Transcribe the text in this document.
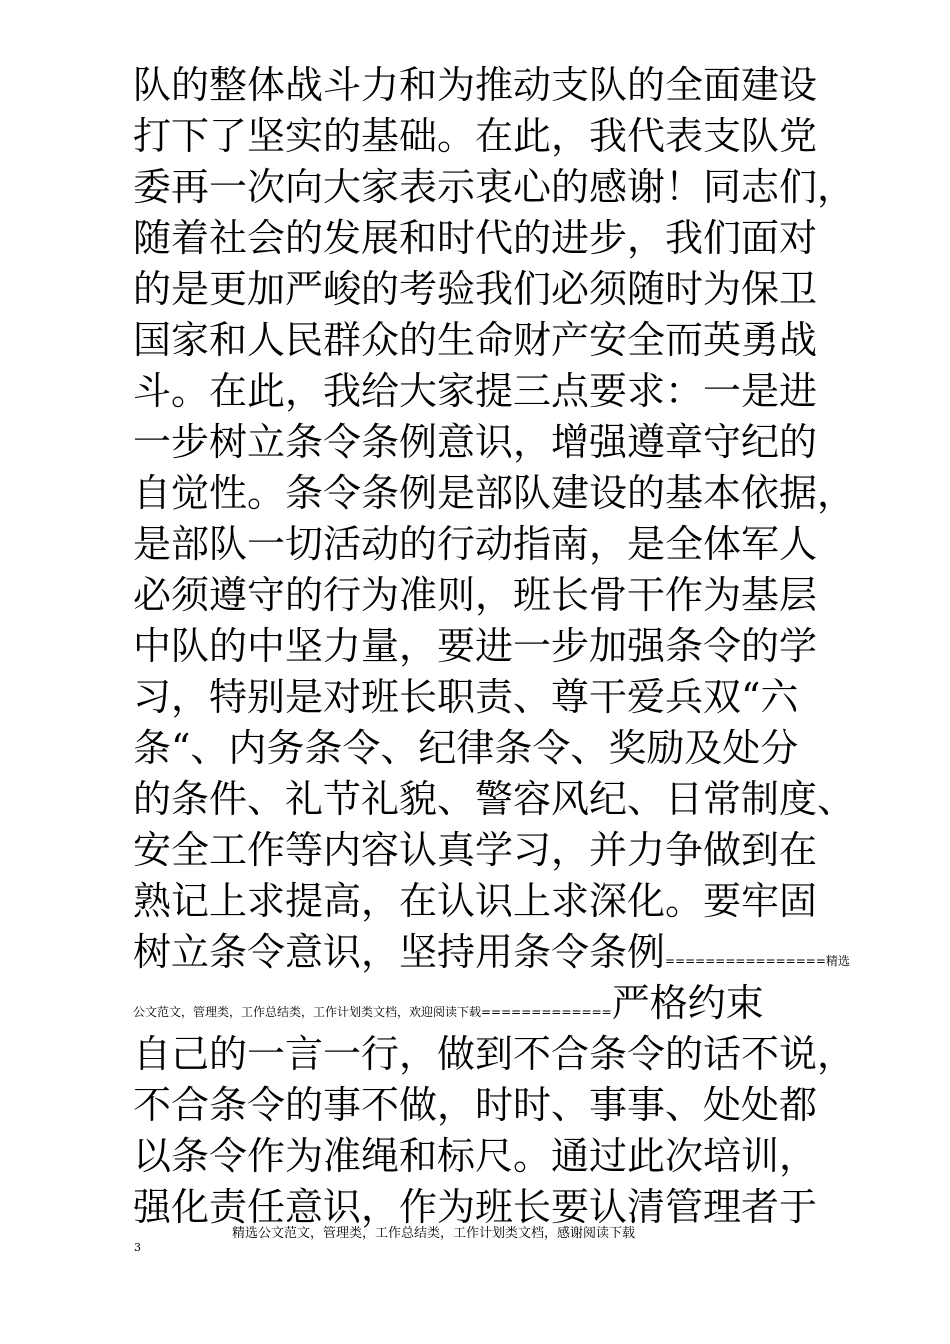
队的整体战斗力和为推动支队的全面建设
打下了坚实的基础。在此，我代表支队党
委再一次向大家表示衷心的感谢！同志们，
随着社会的发展和时代的进步，我们面对
的是更加严峻的考验我们必须随时为保卫
国家和人民群众的生命财产安全而英勇战
斗。在此，我给大家提三点要求：一是进
一步树立条令条例意识，增强遵章守纪的
自觉性。条令条例是部队建设的基本依据，
是部队一切活动的行动指南，是全体军人
必须遵守的行为准则，班长骨干作为基层
中队的中坚力量，要进一步加强条令的学
习，特别是对班长职责、尊干爱兵双“六
条“、内务条令、纪律条令、奖励及处分
的条件、礼节礼貌、警容风纪、日常制度、
安全工作等内容认真学习，并力争做到在
熟记上求提高，在认识上求深化。要牢固
树立条令意识，坚持用条令条例================精选
公文范文，管理类，工作总结类，工作计划类文档，欢迎阅读下载=============严格约束
自己的一言一行，做到不合条令的话不说，
不合条令的事不做，时时、事事、处处都
以条令作为准绳和标尺。通过此次培训，
强化责任意识，作为班长要认清管理者于
3
精选公文范文，管理类，工作总结类，工作计划类文档，感谢阅读下载
